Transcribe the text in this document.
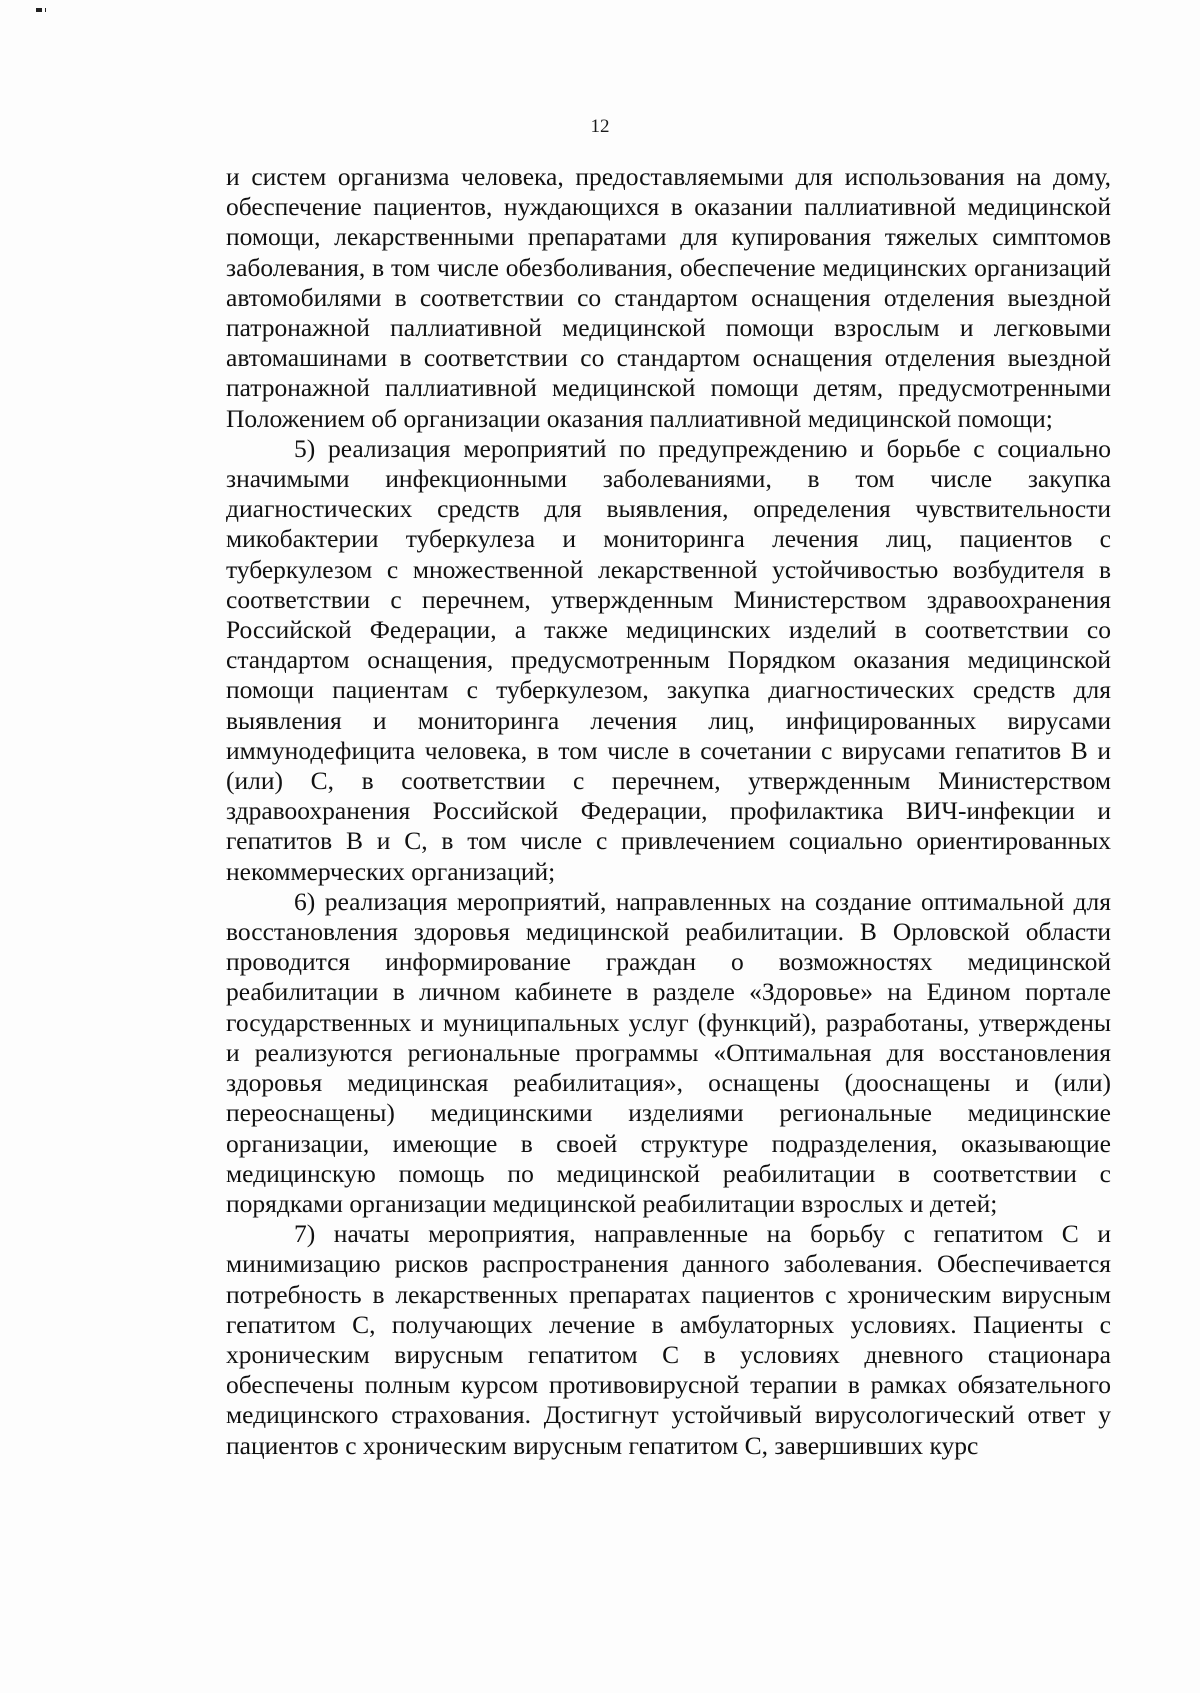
12

и систем организма человека, предоставляемыми для использования на дому, обеспечение пациентов, нуждающихся в оказании паллиативной медицинской помощи, лекарственными препаратами для купирования тяжелых симптомов заболевания, в том числе обезболивания, обеспечение медицинских организаций автомобилями в соответствии со стандартом оснащения отделения выездной патронажной паллиативной медицинской помощи взрослым и легковыми автомашинами в соответствии со стандартом оснащения отделения выездной патронажной паллиативной медицинской помощи детям, предусмотренными Положением об организации оказания паллиативной медицинской помощи;

5) реализация мероприятий по предупреждению и борьбе с социально значимыми инфекционными заболеваниями, в том числе закупка диагностических средств для выявления, определения чувствительности микобактерии туберкулеза и мониторинга лечения лиц, пациентов с туберкулезом с множественной лекарственной устойчивостью возбудителя в соответствии с перечнем, утвержденным Министерством здравоохранения Российской Федерации, а также медицинских изделий в соответствии со стандартом оснащения, предусмотренным Порядком оказания медицинской помощи пациентам с туберкулезом, закупка диагностических средств для выявления и мониторинга лечения лиц, инфицированных вирусами иммунодефицита человека, в том числе в сочетании с вирусами гепатитов B и (или) C, в соответствии с перечнем, утвержденным Министерством здравоохранения Российской Федерации, профилактика ВИЧ-инфекции и гепатитов B и C, в том числе с привлечением социально ориентированных некоммерческих организаций;

6) реализация мероприятий, направленных на создание оптимальной для восстановления здоровья медицинской реабилитации. В Орловской области проводится информирование граждан о возможностях медицинской реабилитации в личном кабинете в разделе «Здоровье» на Едином портале государственных и муниципальных услуг (функций), разработаны, утверждены и реализуются региональные программы «Оптимальная для восстановления здоровья медицинская реабилитация», оснащены (дооснащены и (или) переоснащены) медицинскими изделиями региональные медицинские организации, имеющие в своей структуре подразделения, оказывающие медицинскую помощь по медицинской реабилитации в соответствии с порядками организации медицинской реабилитации взрослых и детей;

7) начаты мероприятия, направленные на борьбу с гепатитом C и минимизацию рисков распространения данного заболевания. Обеспечивается потребность в лекарственных препаратах пациентов с хроническим вирусным гепатитом C, получающих лечение в амбулаторных условиях. Пациенты с хроническим вирусным гепатитом C в условиях дневного стационара обеспечены полным курсом противовирусной терапии в рамках обязательного медицинского страхования. Достигнут устойчивый вирусологический ответ у пациентов с хроническим вирусным гепатитом C, завершивших курс
